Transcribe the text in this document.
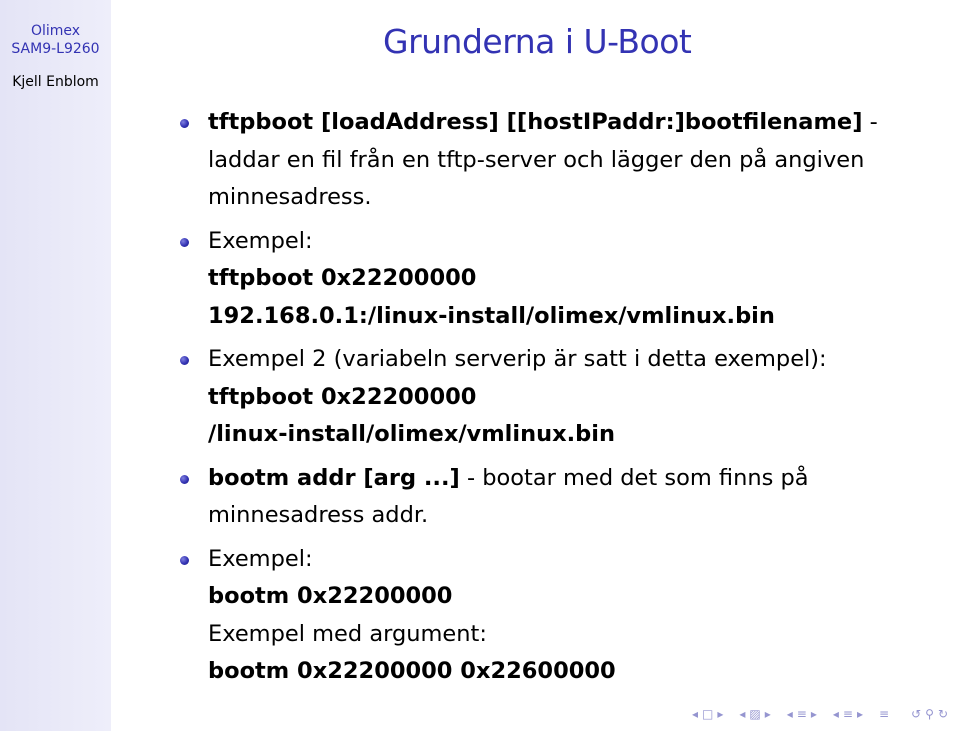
Olimex
SAM9-L9260
Kjell Enblom
Grunderna i U-Boot
tftpboot [loadAddress] [[hostIPaddr:]bootfilename] -
laddar en fil från en tftp-server och lägger den på angiven
minnesadress.
Exempel:
tftpboot 0x22200000
192.168.0.1:/linux-install/olimex/vmlinux.bin
Exempel 2 (variabeln serverip är satt i detta exempel):
tftpboot 0x22200000
/linux-install/olimex/vmlinux.bin
bootm addr [arg ...] - bootar med det som finns på
minnesadress addr.
Exempel:
bootm 0x22200000
Exempel med argument:
bootm 0x22200000 0x22600000
◂ □ ▸ ◂ ▨ ▸ ◂ ≡ ▸ ◂ ≡ ▸ ≡ ↺ ⚲ ↻
